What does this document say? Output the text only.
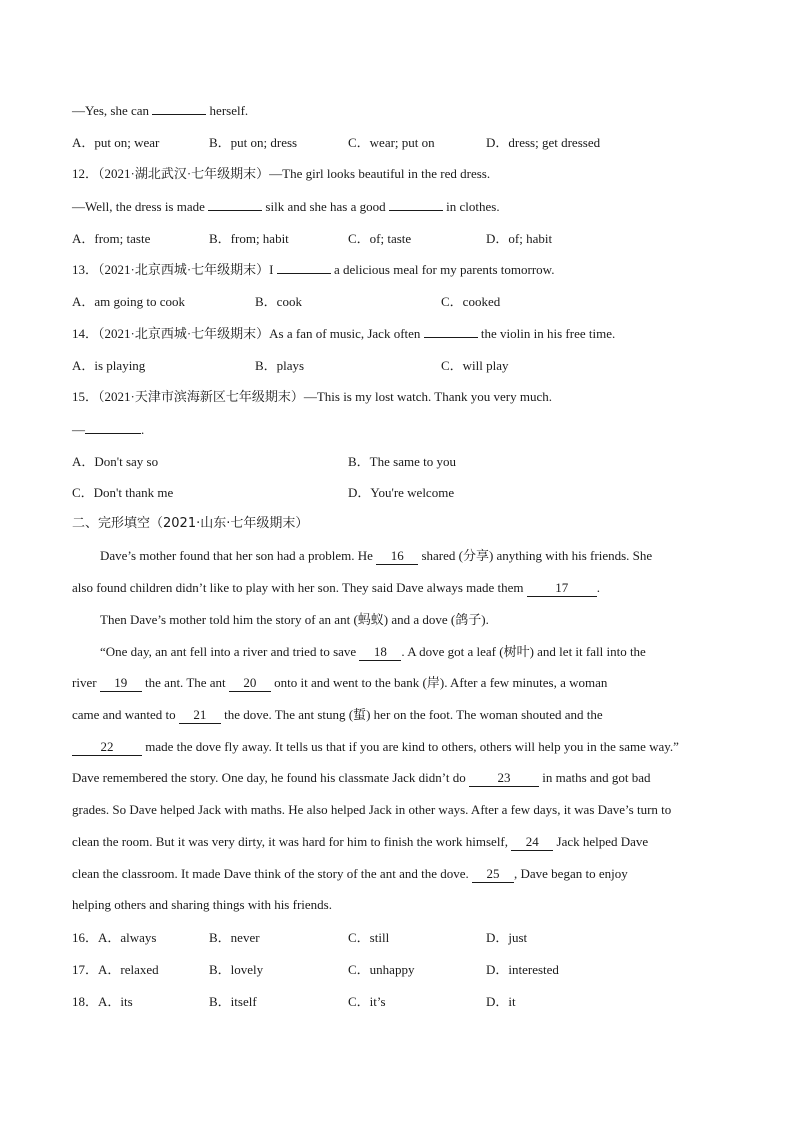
—Yes, she can	herself.
A．put on; wear	B．put on; dress	C．wear; put on	D．dress; get dressed
12．（2021·湖北武汉·七年级期末）—The girl looks beautiful in the red dress.
—Well, the dress is made	silk and she has a good	in clothes.
A．from; taste	B．from; habit	C．of; taste	D．of; habit
13．（2021·北京西城·七年级期末）I	a delicious meal for my parents tomorrow.
A．am going to cook	B．cook	C．cooked
14．（2021·北京西城·七年级期末）As a fan of music, Jack often	the violin in his free time.
A．is playing	B．plays	C．will play
15．（2021·天津市滨海新区七年级期末）—This is my lost watch. Thank you very much.
—	.
A．Don't say so	B．The same to you
C．Don't thank me	D．You're welcome
二、完形填空（2021·山东·七年级期末）
Dave’s mother found that her son had a problem. He 16 shared (分享) anything with his friends. She
also found children didn’t like to play with her son. They said Dave always made them 17 .
Then Dave’s mother told him the story of an ant (蚂蚁) and a dove (鸽子).
“One day, an ant fell into a river and tried to save 18 . A dove got a leaf (树叶) and let it fall into the
river 19 the ant. The ant 20 onto it and went to the bank (岸). After a few minutes, a woman
came and wanted to 21 the dove. The ant stung (蜇) her on the foot. The woman shouted and the
22 made the dove fly away. It tells us that if you are kind to others, others will help you in the same way.”
Dave remembered the story. One day, he found his classmate Jack didn’t do 23 in maths and got bad
grades. So Dave helped Jack with maths. He also helped Jack in other ways. After a few days, it was Dave’s turn to
clean the room. But it was very dirty, it was hard for him to finish the work himself, 24 Jack helped Dave
clean the classroom. It made Dave think of the story of the ant and the dove. 25 , Dave began to enjoy
helping others and sharing things with his friends.
16．A．always	B．never	C．still	D．just
17．A．relaxed	B．lovely	C．unhappy	D．interested
18．A．its	B．itself	C．it’s	D．it
